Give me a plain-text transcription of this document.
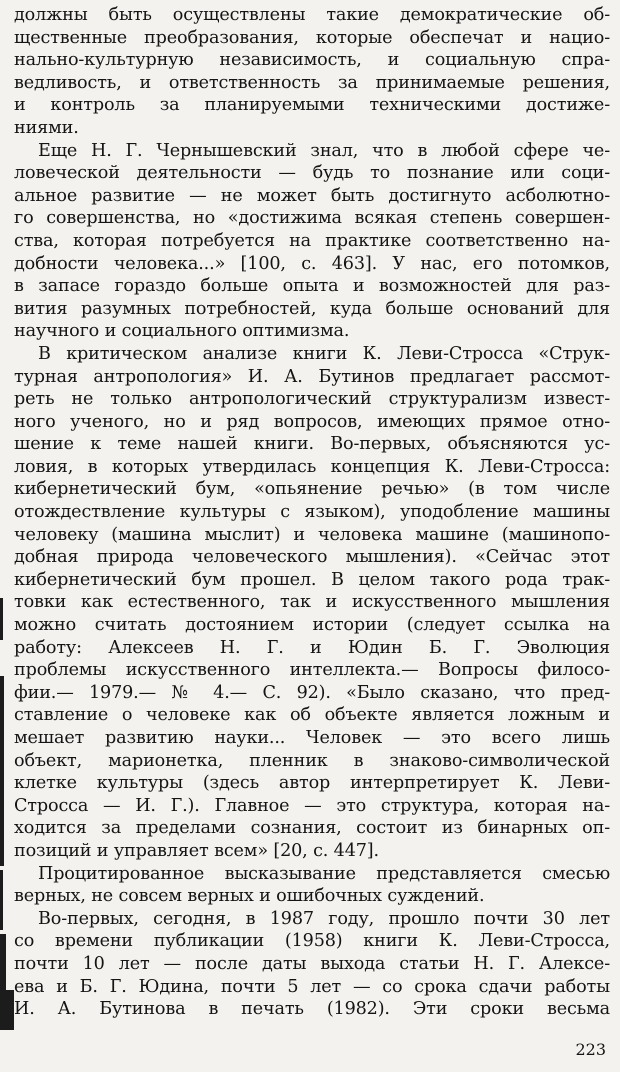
должны быть осуществлены такие демократические об-
щественные преобразования, которые обеспечат и нацио-
нально-культурную независимость, и социальную спра-
ведливость, и ответственность за принимаемые решения,
и контроль за планируемыми техническими достиже-
ниями.
Еще Н. Г. Чернышевский знал, что в любой сфере че-
ловеческой деятельности — будь то познание или соци-
альное развитие — не может быть достигнуто асболютно-
го совершенства, но «достижима всякая степень совершен-
ства, которая потребуется на практике соответственно на-
добности человека...» [100, с. 463]. У нас, его потомков,
в запасе гораздо больше опыта и возможностей для раз-
вития разумных потребностей, куда больше оснований для
научного и социального оптимизма.
В критическом анализе книги К. Леви-Стросса «Струк-
турная антропология» И. А. Бутинов предлагает рассмот-
реть не только антропологический структурализм извест-
ного ученого, но и ряд вопросов, имеющих прямое отно-
шение к теме нашей книги. Во-первых, объясняются ус-
ловия, в которых утвердилась концепция К. Леви-Стросса:
кибернетический бум, «опьянение речью» (в том числе
отождествление культуры с языком), уподобление машины
человеку (машина мыслит) и человека машине (машинопо-
добная природа человеческого мышления). «Сейчас этот
кибернетический бум прошел. В целом такого рода трак-
товки как естественного, так и искусственного мышления
можно считать достоянием истории (следует ссылка на
работу: Алексеев Н. Г. и Юдин Б. Г. Эволюция
проблемы искусственного интеллекта.— Вопросы филосо-
фии.— 1979.— № 4.— С. 92). «Было сказано, что пред-
ставление о человеке как об объекте является ложным и
мешает развитию науки... Человек — это всего лишь
объект, марионетка, пленник в знаково-символической
клетке культуры (здесь автор интерпретирует К. Леви-
Стросса — И. Г.). Главное — это структура, которая на-
ходится за пределами сознания, состоит из бинарных оп-
позиций и управляет всем» [20, с. 447].
Процитированное высказывание представляется смесью
верных, не совсем верных и ошибочных суждений.
Во-первых, сегодня, в 1987 году, прошло почти 30 лет
со времени публикации (1958) книги К. Леви-Стросса,
почти 10 лет — после даты выхода статьи Н. Г. Алексе-
ева и Б. Г. Юдина, почти 5 лет — со срока сдачи работы
И. А. Бутинова в печать (1982). Эти сроки весьма
223
